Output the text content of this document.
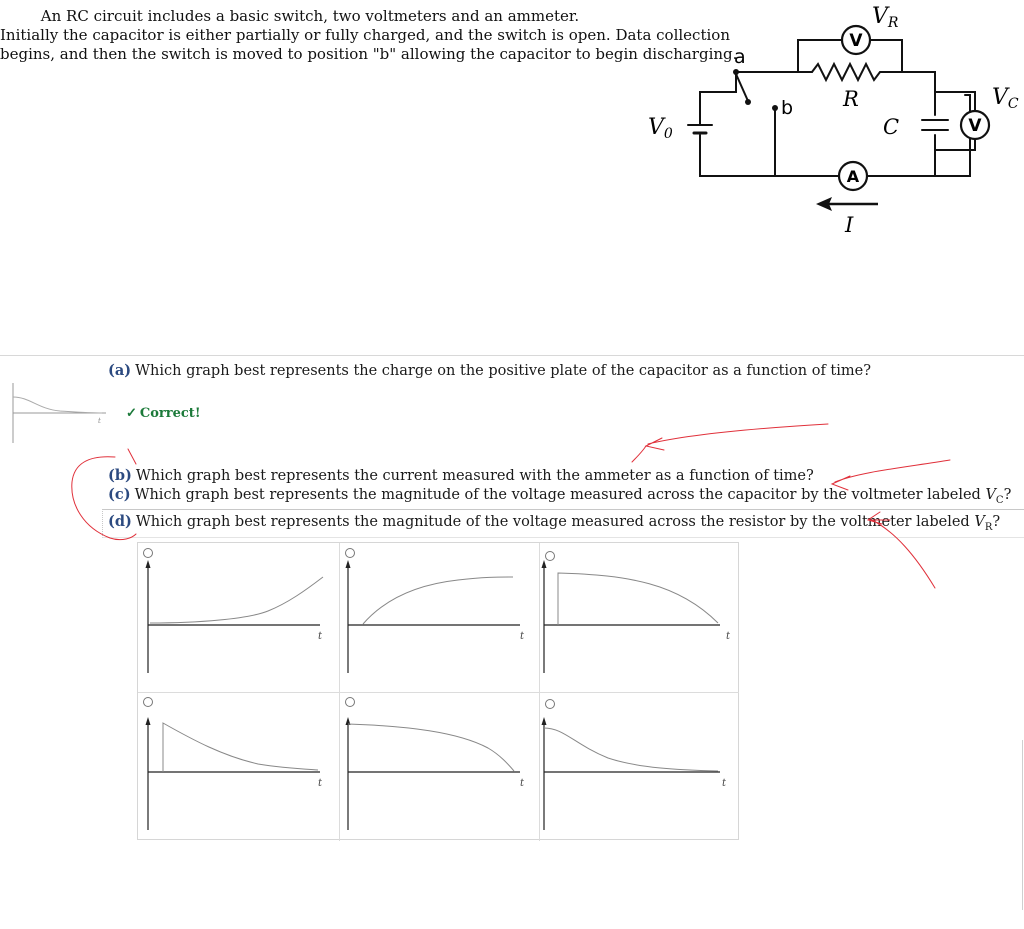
An RC circuit includes a basic switch, two voltmeters and an ammeter.
Initially the capacitor is either partially or fully charged, and the switch is open. Data collection
begins, and then the switch is moved to position "b" allowing the capacitor to begin discharging.
V
V
A
VR
VC
V0
a
b R
C
I
(a) Which graph best represents the charge on the positive plate of the capacitor as a function of time?
t ✓ Correct!
(b) Which graph best represents the current measured with the ammeter as a function of time?
(c) Which graph best represents the magnitude of the voltage measured across the capacitor by the voltmeter labeled $V_C$?
(d) Which graph best represents the magnitude of the voltage measured across the resistor by the voltmeter labeled $V_R$?
t	t	t
t	t	t
